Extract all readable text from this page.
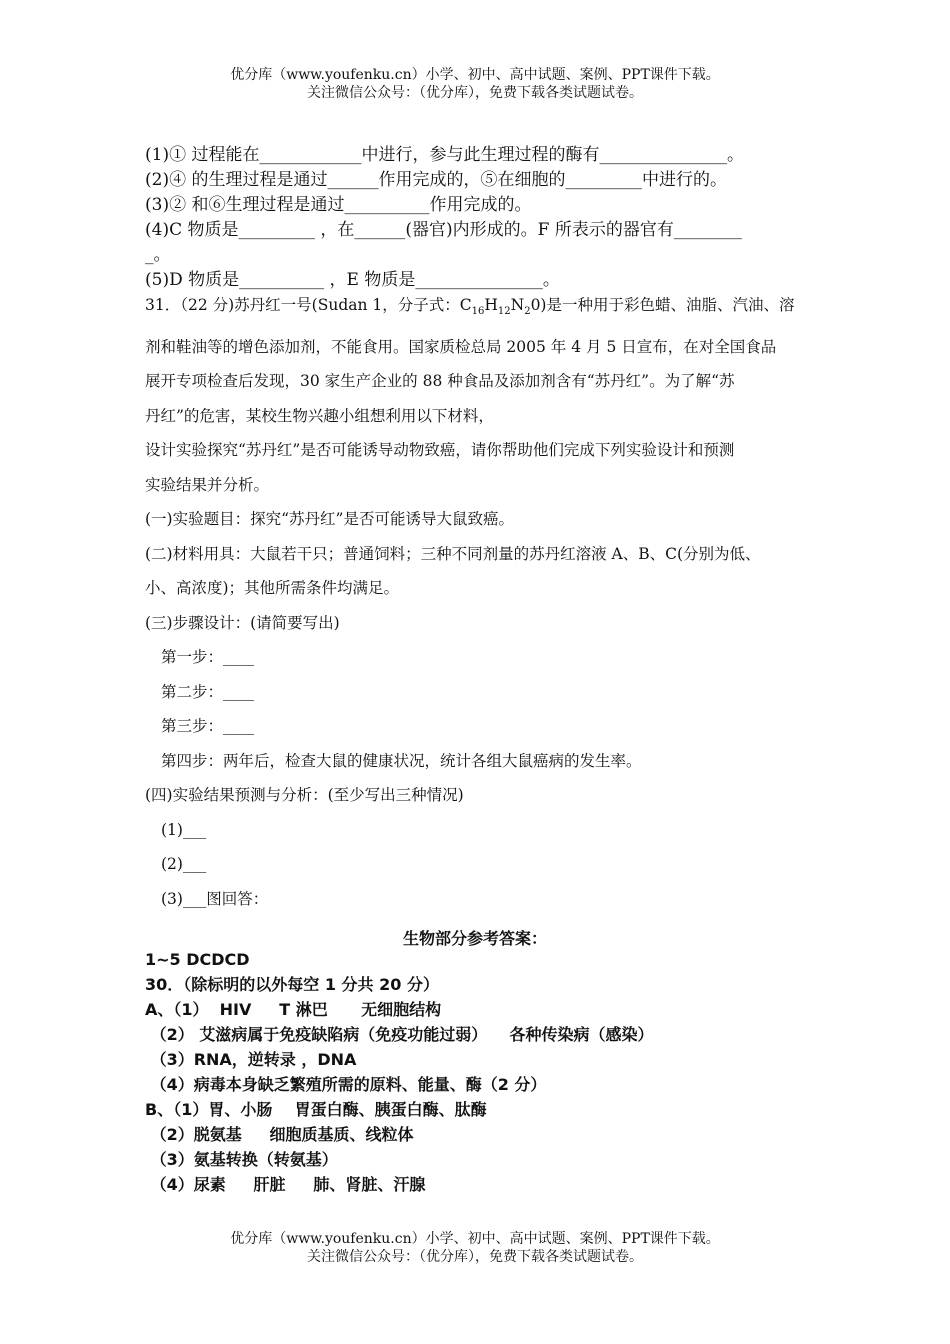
优分库（www.youfenku.cn）小学、初中、高中试题、案例、PPT课件下载。
关注微信公众号：（优分库），免费下载各类试题试卷。
(1)① 过程能在____________中进行，参与此生理过程的酶有_______________。
(2)④ 的生理过程是通过______作用完成的，⑤在细胞的_________中进行的。
(3)② 和⑥生理过程是通过__________作用完成的。
(4)C 物质是_________ ，在______(器官)内形成的。F 所表示的器官有________
_。
(5)D 物质是__________ ，E 物质是_______________。
31．（22 分)苏丹红一号(Sudan 1，分子式：$C_{16}H_{12}N_20$)是一种用于彩色蜡、油脂、汽油、溶
剂和鞋油等的增色添加剂，不能食用。国家质检总局 2005 年 4 月 5 日宣布，在对全国食品
展开专项检查后发现，30 家生产企业的 88 种食品及添加剂含有“苏丹红”。为了解“苏
丹红”的危害，某校生物兴趣小组想利用以下材料，
设计实验探究“苏丹红”是否可能诱导动物致癌，请你帮助他们完成下列实验设计和预测
实验结果并分析。
(一)实验题目：探究“苏丹红”是否可能诱导大鼠致癌。
(二)材料用具：大鼠若干只；普通饲料；三种不同剂量的苏丹红溶液 A、B、C(分别为低、
小、高浓度)；其他所需条件均满足。
(三)步骤设计：(请简要写出)
第一步：____
第二步：____
第三步：____
第四步：两年后，检查大鼠的健康状况，统计各组大鼠癌病的发生率。
(四)实验结果预测与分析：(至少写出三种情况)
(1)___
(2)___
(3)___图回答：
生物部分参考答案：
1~5 DCDCD
30．（除标明的以外每空 1 分共 20 分）
A、（1）  HIV     T 淋巴      无细胞结构
（2） 艾滋病属于免疫缺陷病（免疫功能过弱）    各种传染病（感染）
（3）RNA，逆转录 ，DNA
（4）病毒本身缺乏繁殖所需的原料、能量、酶（2 分）
B、（1）胃、小肠    胃蛋白酶、胰蛋白酶、肽酶
（2）脱氨基     细胞质基质、线粒体
（3）氨基转换（转氨基）
（4）尿素     肝脏     肺、肾脏、汗腺
优分库（www.youfenku.cn）小学、初中、高中试题、案例、PPT课件下载。
关注微信公众号：（优分库），免费下载各类试题试卷。
